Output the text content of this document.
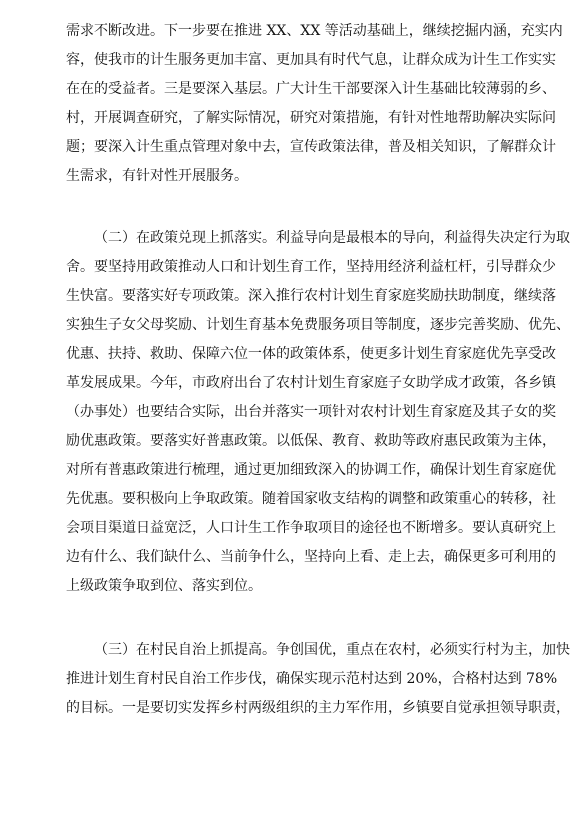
需求不断改进。下一步要在推进 XX、XX 等活动基础上，继续挖掘内涵，充实内
容，使我市的计生服务更加丰富、更加具有时代气息，让群众成为计生工作实实
在在的受益者。三是要深入基层。广大计生干部要深入计生基础比较薄弱的乡、
村，开展调查研究，了解实际情况，研究对策措施，有针对性地帮助解决实际问
题；要深入计生重点管理对象中去，宣传政策法律，普及相关知识，了解群众计
生需求，有针对性开展服务。
（二）在政策兑现上抓落实。利益导向是最根本的导向，利益得失决定行为取
舍。要坚持用政策推动人口和计划生育工作，坚持用经济利益杠杆，引导群众少
生快富。要落实好专项政策。深入推行农村计划生育家庭奖励扶助制度，继续落
实独生子女父母奖励、计划生育基本免费服务项目等制度，逐步完善奖励、优先、
优惠、扶持、救助、保障六位一体的政策体系，使更多计划生育家庭优先享受改
革发展成果。今年，市政府出台了农村计划生育家庭子女助学成才政策，各乡镇
（办事处）也要结合实际，出台并落实一项针对农村计划生育家庭及其子女的奖
励优惠政策。要落实好普惠政策。以低保、教育、救助等政府惠民政策为主体，
对所有普惠政策进行梳理，通过更加细致深入的协调工作，确保计划生育家庭优
先优惠。要积极向上争取政策。随着国家收支结构的调整和政策重心的转移，社
会项目渠道日益宽泛，人口计生工作争取项目的途径也不断增多。要认真研究上
边有什么、我们缺什么、当前争什么，坚持向上看、走上去，确保更多可利用的
上级政策争取到位、落实到位。
（三）在村民自治上抓提高。争创国优，重点在农村，必须实行村为主，加快
推进计划生育村民自治工作步伐，确保实现示范村达到 20%，合格村达到 78%
的目标。一是要切实发挥乡村两级组织的主力军作用，乡镇要自觉承担领导职责，
